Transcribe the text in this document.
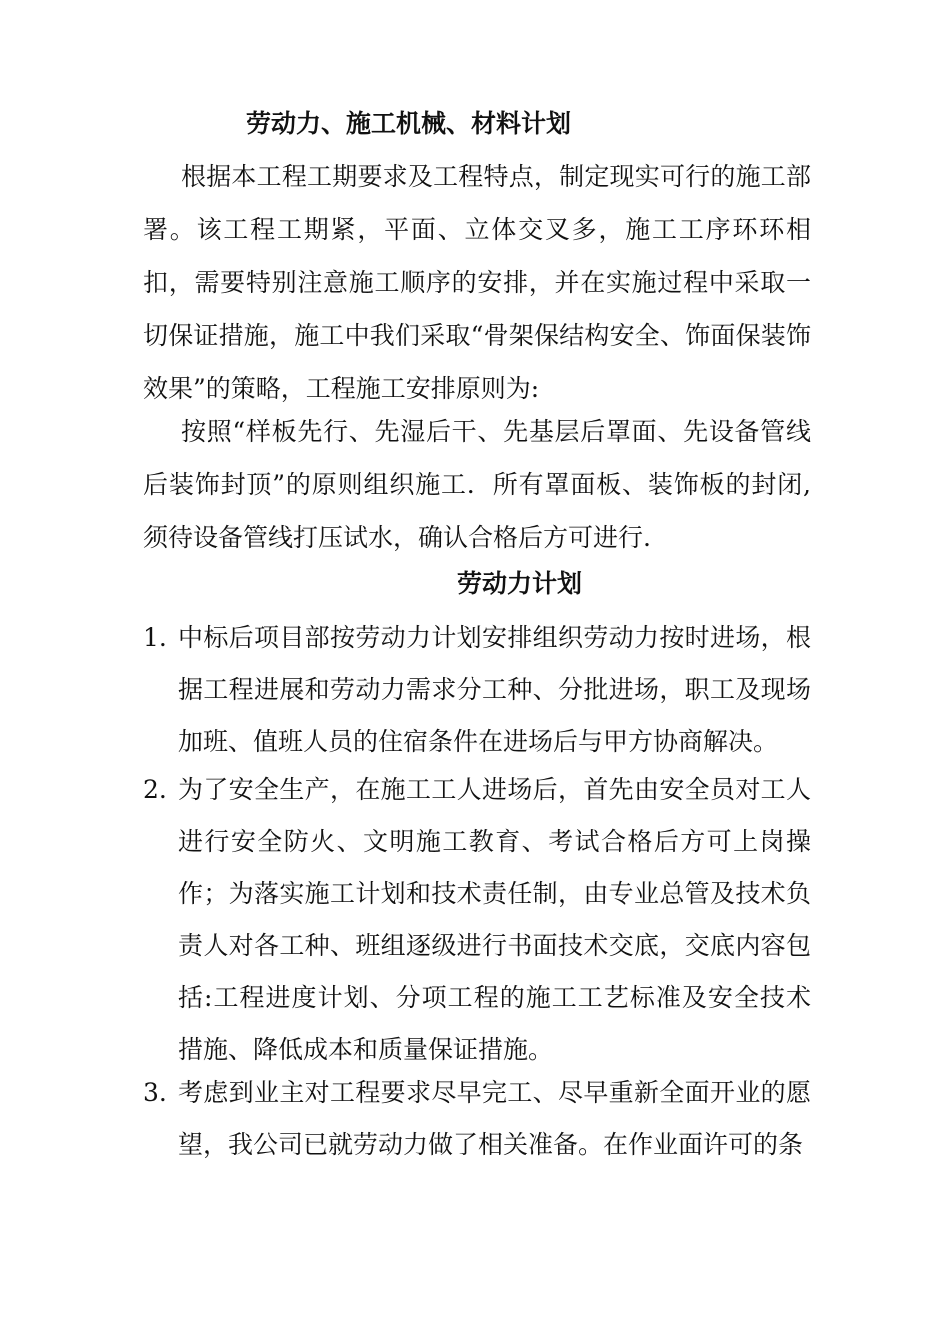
劳动力、施工机械、材料计划

根据本工程工期要求及工程特点，制定现实可行的施工部署。该工程工期紧，平面、立体交叉多，施工工序环环相扣，需要特别注意施工顺序的安排，并在实施过程中采取一切保证措施，施工中我们采取“骨架保结构安全、饰面保装饰效果”的策略，工程施工安排原则为:

按照“样板先行、先湿后干、先基层后罩面、先设备管线后装饰封顶”的原则组织施工．所有罩面板、装饰板的封闭,须待设备管线打压试水，确认合格后方可进行.

劳动力计划
1. 中标后项目部按劳动力计划安排组织劳动力按时进场，根据工程进展和劳动力需求分工种、分批进场，职工及现场加班、值班人员的住宿条件在进场后与甲方协商解决。
2. 为了安全生产，在施工工人进场后，首先由安全员对工人进行安全防火、文明施工教育、考试合格后方可上岗操作；为落实施工计划和技术责任制，由专业总管及技术负责人对各工种、班组逐级进行书面技术交底，交底内容包括:工程进度计划、分项工程的施工工艺标准及安全技术措施、降低成本和质量保证措施。
3. 考虑到业主对工程要求尽早完工、尽早重新全面开业的愿望，我公司已就劳动力做了相关准备。在作业面许可的条
